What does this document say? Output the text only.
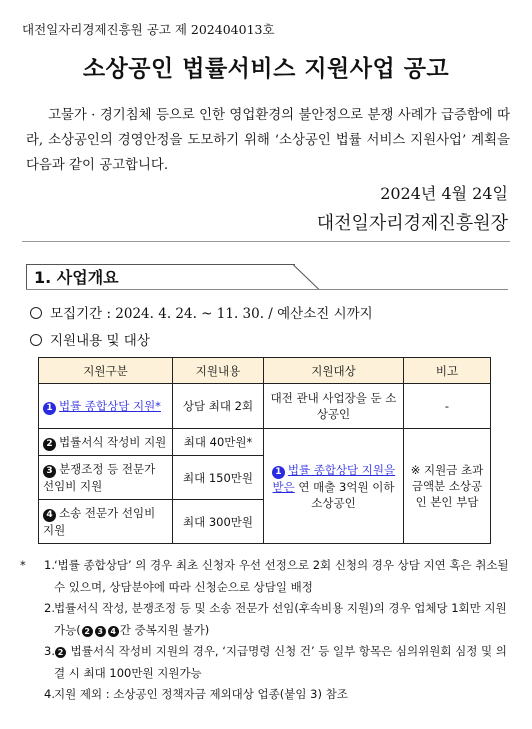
대전일자리경제진흥원 공고 제 202404013호
소상공인 법률서비스 지원사업 공고
고물가 · 경기침체 등으로 인한 영업환경의 불안정으로 분쟁 사례가 급증함에 따라, 소상공인의 경영안정을 도모하기 위해 ‘소상공인 법률 서비스 지원사업’ 계획을 다음과 같이 공고합니다.
2024년 4월 24일
대전일자리경제진흥원장
1. 사업개요
모집기간 : 2024. 4. 24. ~ 11. 30. / 예산소진 시까지
지원내용 및 대상
지원구분	지원내용	지원대상	비고
1 법률 종합상담 지원*	상담 최대 2회	대전 관내 사업장을 둔 소상공인	-
2 법률서식 작성비 지원	최대 40만원*	1 법률 종합상담 지원을 받은 연 매출 3억원 이하 소상공인	※ 지원금 초과 금액분 소상공인 본인 부담
3 분쟁조정 등 전문가 선임비 지원	최대 150만원		
4 소송 전문가 선임비 지원	최대 300만원		
* 1. ‘법률 종합상담’ 의 경우 최초 신청자 우선 선정으로 2회 신청의 경우 상담 지연 혹은 취소될 수 있으며, 상담분야에 따라 신청순으로 상담일 배정
2. 법률서식 작성, 분쟁조정 등 및 소송 전문가 선임(후속비용 지원)의 경우 업체당 1회만 지원 가능( 2 3 4 간 중복지원 불가)
3. 2 법률서식 작성비 지원의 경우, ‘지급명령 신청 건’ 등 일부 항목은 심의위원회 심정 및 의결 시 최대 100만원 지원가능
4. 지원 제외 : 소상공인 정책자금 제외대상 업종(붙임 3) 참조
